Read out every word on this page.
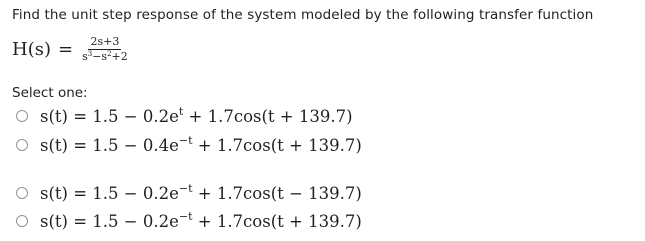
Find the unit step response of the system modeled by the following transfer function
$H(s) = \frac{2s+3}{s^3-s^2+2}$
Select one:
$s(t) = 1.5 - 0.2e^t + 1.7\cos(t + 139.7)$
$s(t) = 1.5 - 0.4e^{-t} + 1.7\cos(t + 139.7)$
$s(t) = 1.5 - 0.2e^{-t} + 1.7\cos(t - 139.7)$
$s(t) = 1.5 - 0.2e^{-t} + 1.7\cos(t + 139.7)$
